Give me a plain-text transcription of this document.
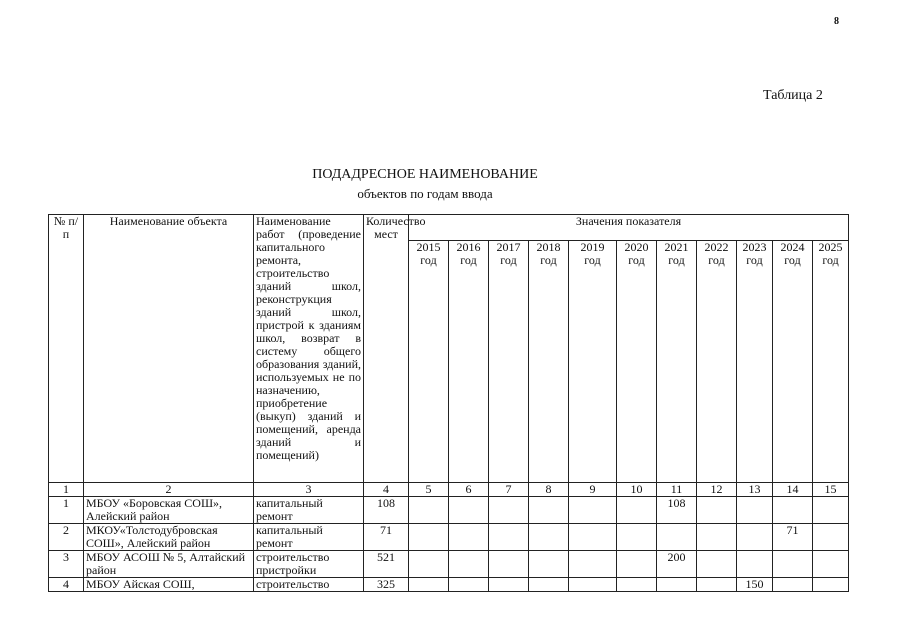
8
Таблица 2
ПОДАДРЕСНОЕ НАИМЕНОВАНИЕ
объектов по годам ввода
№ п/п	Наименование объекта	Наименование работ (проведение капитального ремонта, строительство зданий школ, реконструкция зданий школ, пристрой к зданиям школ, возврат в систему общего образования зданий, используемых не по назначению, приобретение (выкуп) зданий и помещений, аренда зданий и помещений)	Количество мест	Значения показателя										
				2015 год	2016 год	2017 год	2018 год	2019 год	2020 год	2021 год	2022 год	2023 год	2024 год	2025 год
1	2	3	4	5	6	7	8	9	10	11	12	13	14	15
1	МБОУ «Боровская СОШ», Алейский район	капитальный ремонт	108							108				
2	МКОУ«Толстодубровская СОШ», Алейский район	капитальный ремонт	71										71	
3	МБОУ АСОШ № 5, Алтайский район	строительство пристройки	521							200				
4	МБОУ Айская СОШ,	строительство	325									150		
